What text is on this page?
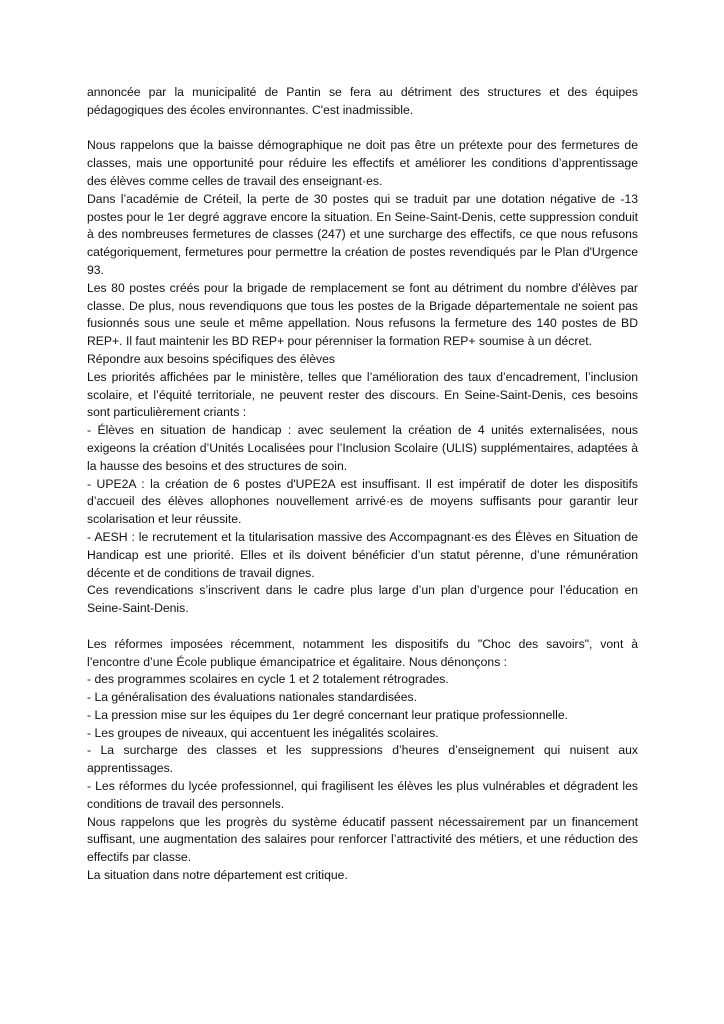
annoncée par la municipalité de Pantin se fera au détriment des structures et des équipes pédagogiques des écoles environnantes. C'est inadmissible.

Nous rappelons que la baisse démographique ne doit pas être un prétexte pour des fermetures de classes, mais une opportunité pour réduire les effectifs et améliorer les conditions d’apprentissage des élèves comme celles de travail des enseignant·es.

Dans l’académie de Créteil, la perte de 30 postes qui se traduit par une dotation négative de -13 postes pour le 1er degré aggrave encore la situation. En Seine-Saint-Denis, cette suppression conduit à des nombreuses fermetures de classes (247) et une surcharge des effectifs, ce que nous refusons catégoriquement, fermetures pour permettre la création de postes revendiqués par le Plan d'Urgence 93.

Les 80 postes créés pour la brigade de remplacement se font au détriment du nombre d'élèves par classe. De plus, nous revendiquons que tous les postes de la Brigade départementale ne soient pas fusionnés sous une seule et même appellation. Nous refusons la fermeture des 140 postes de BD REP+. Il faut maintenir les BD REP+ pour pérenniser la formation REP+ soumise à un décret.

Répondre aux besoins spécifiques des élèves

Les priorités affichées par le ministère, telles que l’amélioration des taux d’encadrement, l’inclusion scolaire, et l’équité territoriale, ne peuvent rester des discours. En Seine-Saint-Denis, ces besoins sont particulièrement criants :

- Élèves en situation de handicap : avec seulement la création de 4 unités externalisées, nous exigeons la création d’Unités Localisées pour l’Inclusion Scolaire (ULIS) supplémentaires, adaptées à la hausse des besoins et des structures de soin.

- UPE2A : la création de 6 postes d'UPE2A est insuffisant. Il est impératif de doter les dispositifs d’accueil des élèves allophones nouvellement arrivé·es de moyens suffisants pour garantir leur scolarisation et leur réussite.

- AESH : le recrutement et la titularisation massive des Accompagnant·es des Élèves en Situation de Handicap est une priorité. Elles et ils doivent bénéficier d’un statut pérenne, d’une rémunération décente et de conditions de travail dignes.

Ces revendications s’inscrivent dans le cadre plus large d’un plan d’urgence pour l’éducation en Seine-Saint-Denis.

Les réformes imposées récemment, notamment les dispositifs du "Choc des savoirs", vont à l’encontre d’une École publique émancipatrice et égalitaire. Nous dénonçons :

- des programmes scolaires en cycle 1 et 2 totalement rétrogrades.

- La généralisation des évaluations nationales standardisées.

- La pression mise sur les équipes du 1er degré concernant leur pratique professionnelle.

- Les groupes de niveaux, qui accentuent les inégalités scolaires.

- La surcharge des classes et les suppressions d’heures d’enseignement qui nuisent aux apprentissages.

- Les réformes du lycée professionnel, qui fragilisent les élèves les plus vulnérables et dégradent les conditions de travail des personnels.

Nous rappelons que les progrès du système éducatif passent nécessairement par un financement suffisant, une augmentation des salaires pour renforcer l’attractivité des métiers, et une réduction des effectifs par classe.

La situation dans notre département est critique.
